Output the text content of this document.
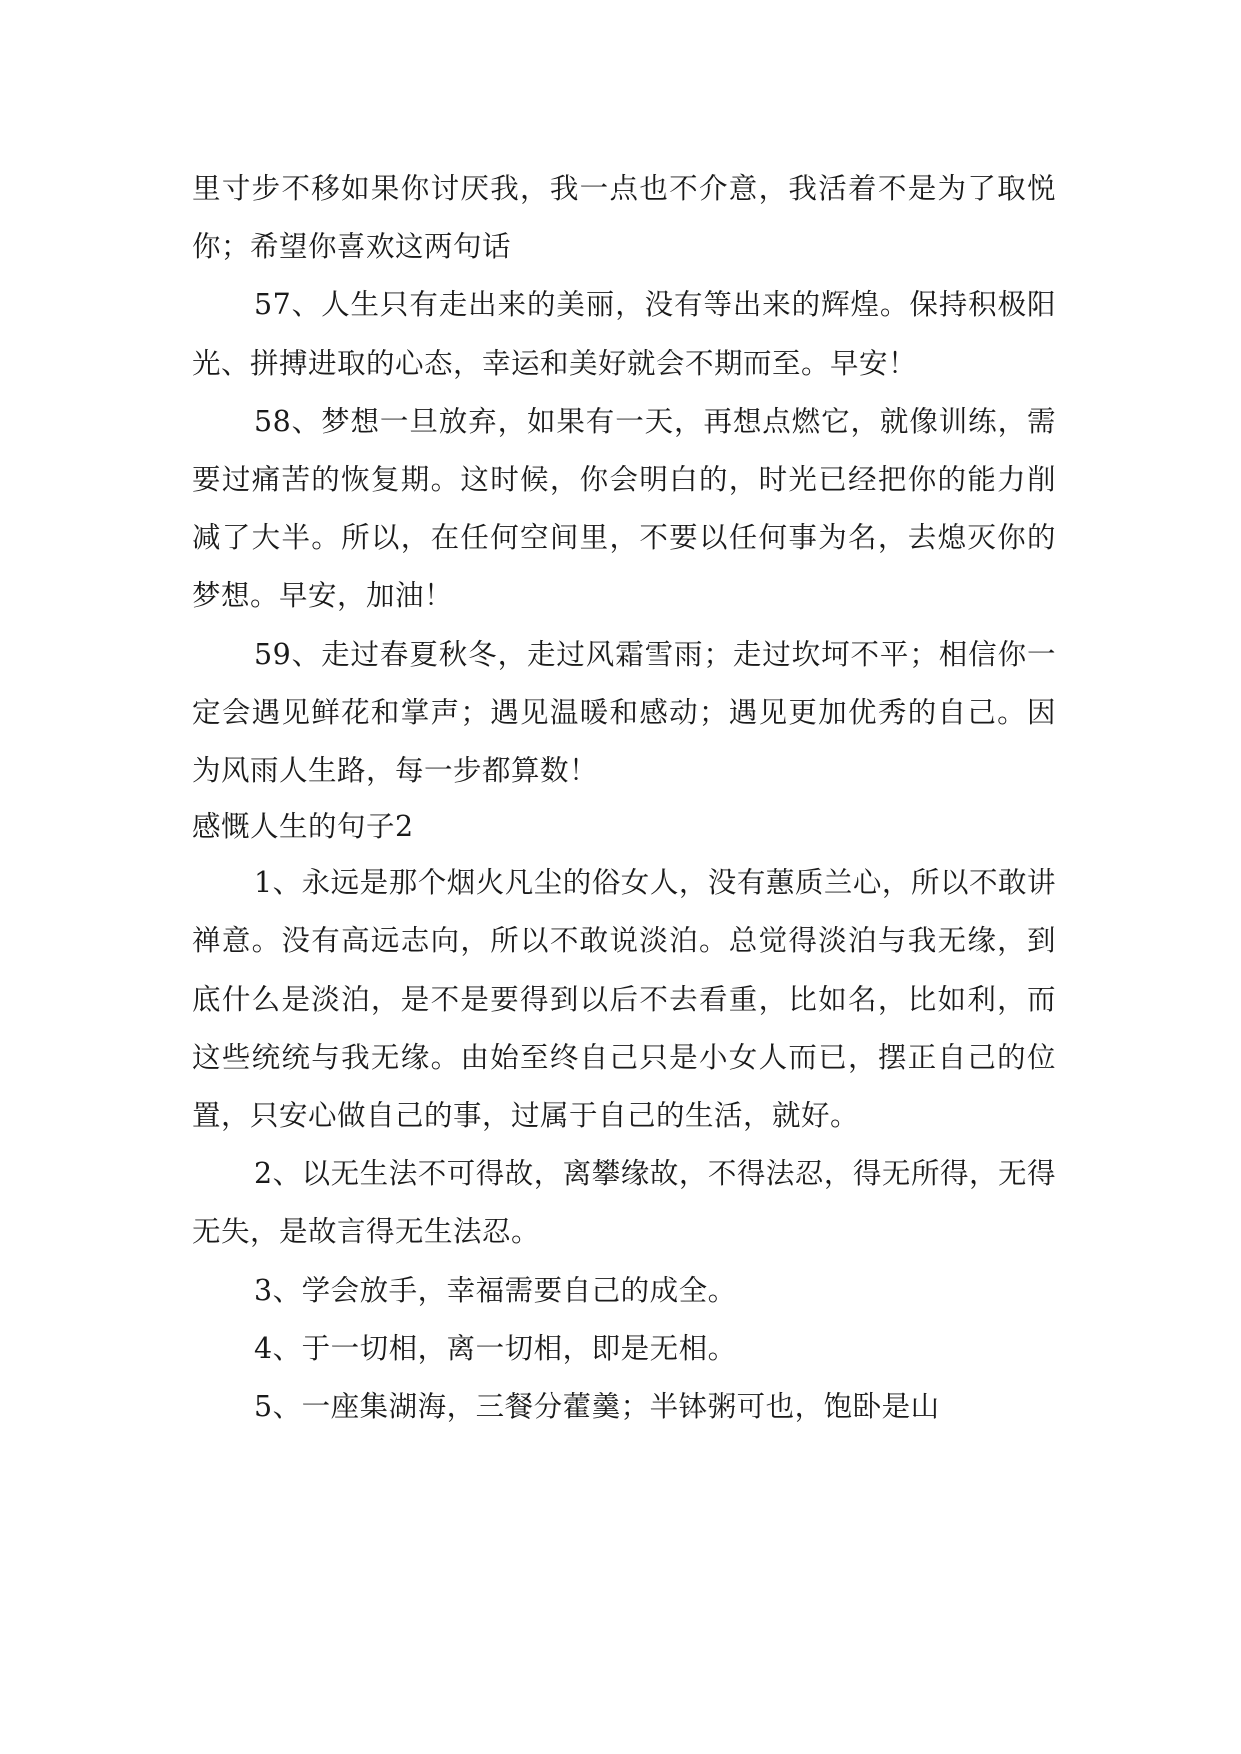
里寸步不移如果你讨厌我，我一点也不介意，我活着不是为了取悦你；希望你喜欢这两句话

57、人生只有走出来的美丽，没有等出来的辉煌。保持积极阳光、拼搏进取的心态，幸运和美好就会不期而至。早安！

58、梦想一旦放弃，如果有一天，再想点燃它，就像训练，需要过痛苦的恢复期。这时候，你会明白的，时光已经把你的能力削减了大半。所以，在任何空间里，不要以任何事为名，去熄灭你的梦想。早安，加油！

59、走过春夏秋冬，走过风霜雪雨；走过坎坷不平；相信你一定会遇见鲜花和掌声；遇见温暖和感动；遇见更加优秀的自己。因为风雨人生路，每一步都算数！

感慨人生的句子2

1、永远是那个烟火凡尘的俗女人，没有蕙质兰心，所以不敢讲禅意。没有高远志向，所以不敢说淡泊。总觉得淡泊与我无缘，到底什么是淡泊，是不是要得到以后不去看重，比如名，比如利，而这些统统与我无缘。由始至终自己只是小女人而已，摆正自己的位置，只安心做自己的事，过属于自己的生活，就好。

2、以无生法不可得故，离攀缘故，不得法忍，得无所得，无得无失，是故言得无生法忍。

3、学会放手，幸福需要自己的成全。

4、于一切相，离一切相，即是无相。

5、一座集湖海，三餐分藿羹；半钵粥可也，饱卧是山
